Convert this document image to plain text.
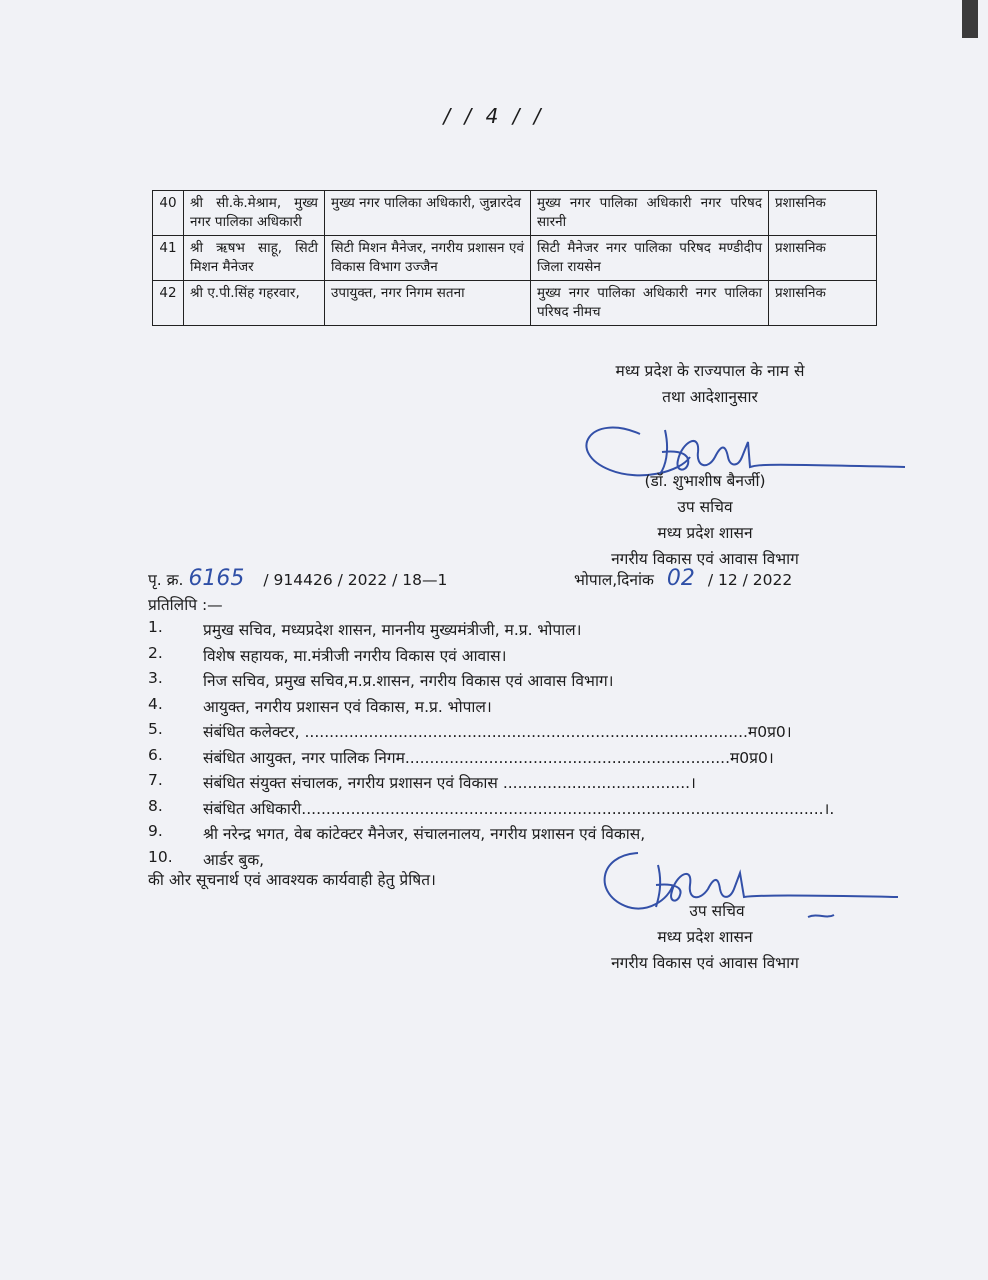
/ / 4 / /
40	श्री सी.के.मेश्राम, मुख्य नगर पालिका अधिकारी	मुख्य नगर पालिका अधिकारी, जुन्नारदेव	मुख्य नगर पालिका अधिकारी नगर परिषद सारनी	प्रशासनिक
41	श्री ऋषभ साहू, सिटी मिशन मैनेजर	सिटी मिशन मैनेजर, नगरीय प्रशासन एवं विकास विभाग उज्जैन	सिटी मैनेजर नगर पालिका परिषद मण्डीदीप जिला रायसेन	प्रशासनिक
42	श्री ए.पी.सिंह गहरवार,	उपायुक्त, नगर निगम सतना	मुख्य नगर पालिका अधिकारी नगर पालिका परिषद नीमच	प्रशासनिक
मध्य प्रदेश के राज्यपाल के नाम से
तथा आदेशानुसार
(डॉ. शुभाशीष बैनर्जी)
उप सचिव
मध्य प्रदेश शासन
नगरीय विकास एवं आवास विभाग
पृ. क्र. 6165 / 914426 / 2022 / 18—1	भोपाल,दिनांक 02 / 12 / 2022
प्रतिलिपि :—
1.	प्रमुख सचिव, मध्यप्रदेश शासन, माननीय मुख्यमंत्रीजी, म.प्र. भोपाल।
2.	विशेष सहायक, मा.मंत्रीजी नगरीय विकास एवं आवास।
3.	निज सचिव, प्रमुख सचिव,म.प्र.शासन, नगरीय विकास एवं आवास विभाग।
4.	आयुक्त, नगरीय प्रशासन एवं विकास, म.प्र. भोपाल।
5.	संबंधित कलेक्टर, ..........................................................................................म0प्र0।
6.	संबंधित आयुक्त, नगर पालिक निगम..................................................................म0प्र0।
7.	संबंधित संयुक्त संचालक, नगरीय प्रशासन एवं विकास ......................................।
8.	संबंधित अधिकारी..........................................................................................................।.
9.	श्री नरेन्द्र भगत, वेब कांटेक्टर मैनेजर, संचालनालय, नगरीय प्रशासन एवं विकास,
10.	आर्डर बुक,
की ओर सूचनार्थ एवं आवश्यक कार्यवाही हेतु प्रेषित।
उप सचिव
मध्य प्रदेश शासन
नगरीय विकास एवं आवास विभाग
